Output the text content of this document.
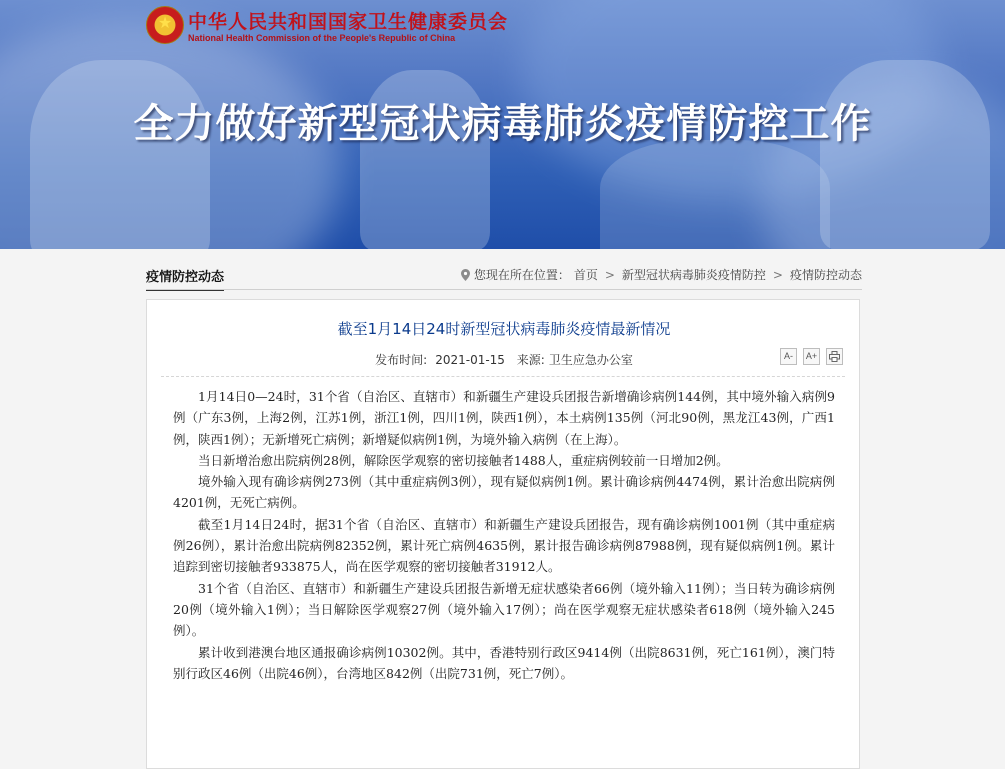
★ 中华人民共和国国家卫生健康委员会
National Health Commission of the People's Republic of China
全力做好新型冠状病毒肺炎疫情防控工作
疫情防控动态	您现在所在位置： 首页 > 新型冠状病毒肺炎疫情防控 > 疫情防控动态
截至1月14日24时新型冠状病毒肺炎疫情最新情况
发布时间: 2021-01-15 来源: 卫生应急办公室	A-	A+

1月14日0—24时，31个省（自治区、直辖市）和新疆生产建设兵团报告新增确诊病例144例，其中境外输入病例9例（广东3例，上海2例，江苏1例，浙江1例，四川1例，陕西1例），本土病例135例（河北90例，黑龙江43例，广西1例，陕西1例）；无新增死亡病例；新增疑似病例1例，为境外输入病例（在上海）。

当日新增治愈出院病例28例，解除医学观察的密切接触者1488人，重症病例较前一日增加2例。

境外输入现有确诊病例273例（其中重症病例3例），现有疑似病例1例。累计确诊病例4474例，累计治愈出院病例4201例，无死亡病例。

截至1月14日24时，据31个省（自治区、直辖市）和新疆生产建设兵团报告，现有确诊病例1001例（其中重症病例26例），累计治愈出院病例82352例，累计死亡病例4635例，累计报告确诊病例87988例，现有疑似病例1例。累计追踪到密切接触者933875人，尚在医学观察的密切接触者31912人。

31个省（自治区、直辖市）和新疆生产建设兵团报告新增无症状感染者66例（境外输入11例）；当日转为确诊病例20例（境外输入1例）；当日解除医学观察27例（境外输入17例）；尚在医学观察无症状感染者618例（境外输入245例）。

累计收到港澳台地区通报确诊病例10302例。其中，香港特别行政区9414例（出院8631例，死亡161例），澳门特别行政区46例（出院46例），台湾地区842例（出院731例，死亡7例）。
